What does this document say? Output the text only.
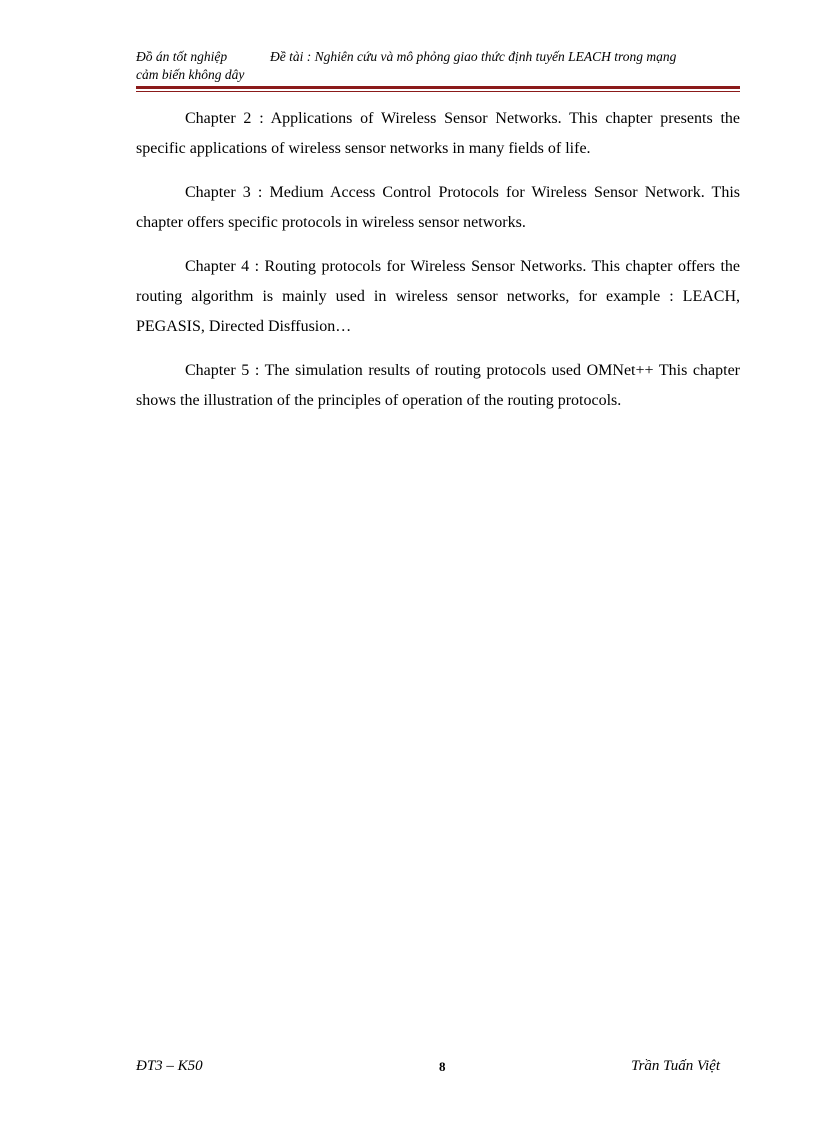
Đồ án tốt nghiệp	Đề tài : Nghiên cứu và mô phỏng giao thức định tuyến LEACH trong mạng
cảm biến không dây

Chapter 2 : Applications of Wireless Sensor Networks. This chapter presents the specific applications of wireless sensor networks in many fields of life.

Chapter 3 : Medium Access Control Protocols for Wireless Sensor Network. This chapter offers specific protocols in wireless sensor networks.

Chapter 4 : Routing protocols for Wireless Sensor Networks. This chapter offers the routing algorithm is mainly used in wireless sensor networks, for example : LEACH, PEGASIS, Directed Disffusion…

Chapter 5 : The simulation results of routing protocols used OMNet++ This chapter shows the illustration of the principles of operation of the routing protocols.

ĐT3 – K50	8	Trần Tuấn Việt
